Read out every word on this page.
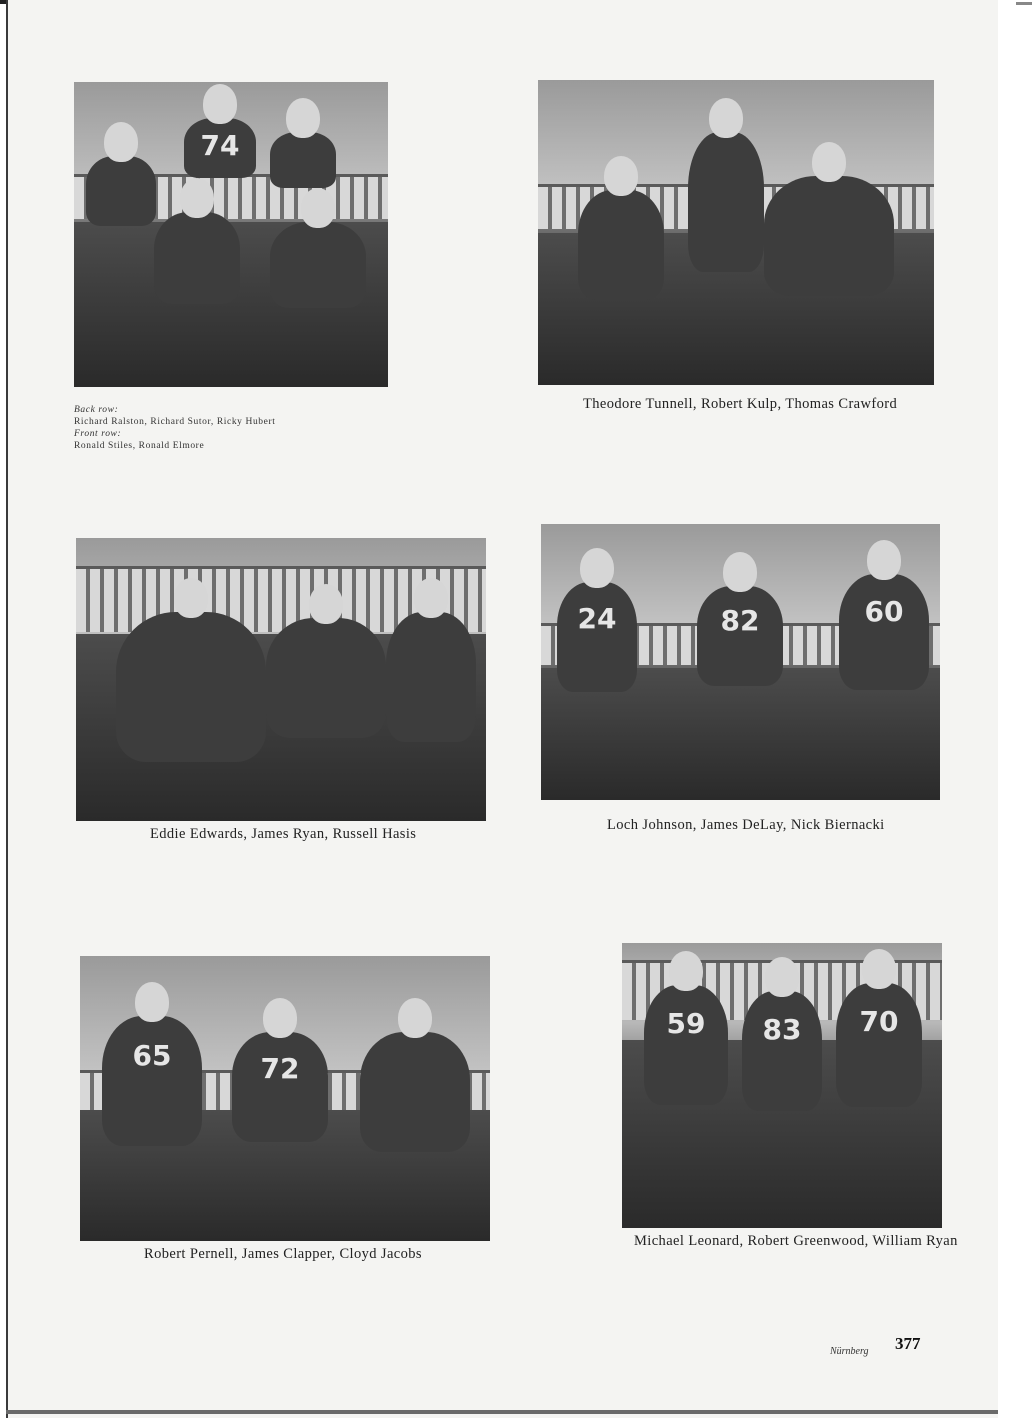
74
Back row:
Richard Ralston, Richard Sutor, Ricky Hubert
Front row:
Ronald Stiles, Ronald Elmore
Theodore Tunnell, Robert Kulp, Thomas Crawford
Eddie Edwards, James Ryan, Russell Hasis
24	82	60
Loch Johnson, James DeLay, Nick Biernacki
65	72
Robert Pernell, James Clapper, Cloyd Jacobs
59	83	70
Michael Leonard, Robert Greenwood, William Ryan
Nürnberg 377
